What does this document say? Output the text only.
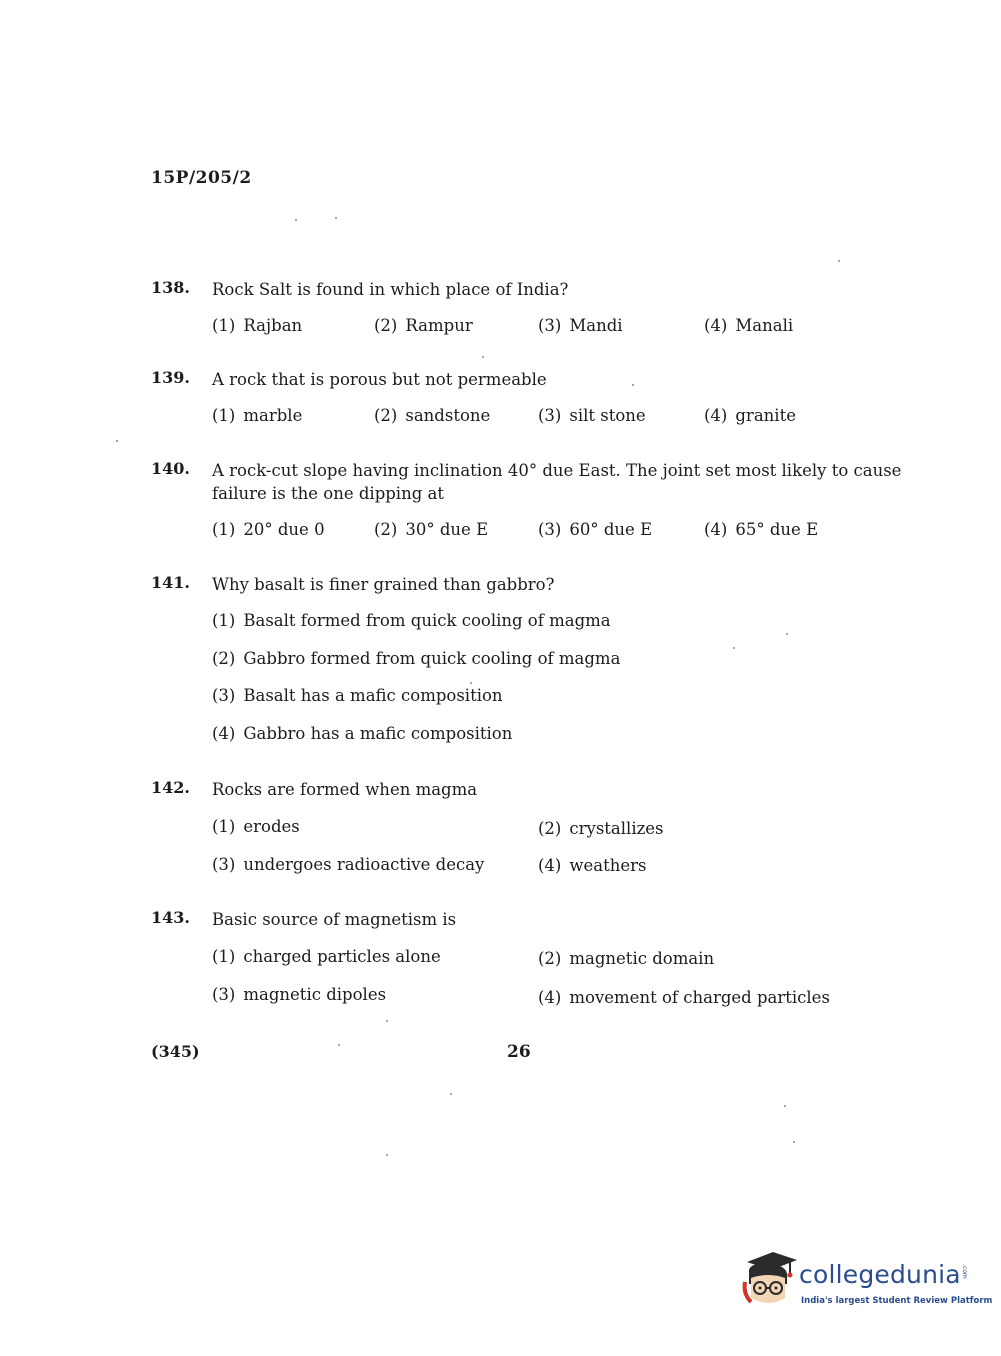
15P/205/2
138. Rock Salt is found in which place of India?
(1) Rajban	(2) Rampur	(3) Mandi	(4) Manali
139. A rock that is porous but not permeable
(1) marble	(2) sandstone	(3) silt stone	(4) granite
140. A rock-cut slope having inclination 40° due East. The joint set most likely to cause failure is the one dipping at
(1) 20° due 0	(2) 30° due E	(3) 60° due E	(4) 65° due E
141. Why basalt is finer grained than gabbro?
(1) Basalt formed from quick cooling of magma
(2) Gabbro formed from quick cooling of magma
(3) Basalt has a mafic composition
(4) Gabbro has a mafic composition
142. Rocks are formed when magma
(1) erodes	(2) crystallizes
(3) undergoes radioactive decay	(4) weathers
143. Basic source of magnetism is
(1) charged particles alone	(2) magnetic domain
(3) magnetic dipoles	(4) movement of charged particles
(345)	26
collegedunia .com
India's largest Student Review Platform
